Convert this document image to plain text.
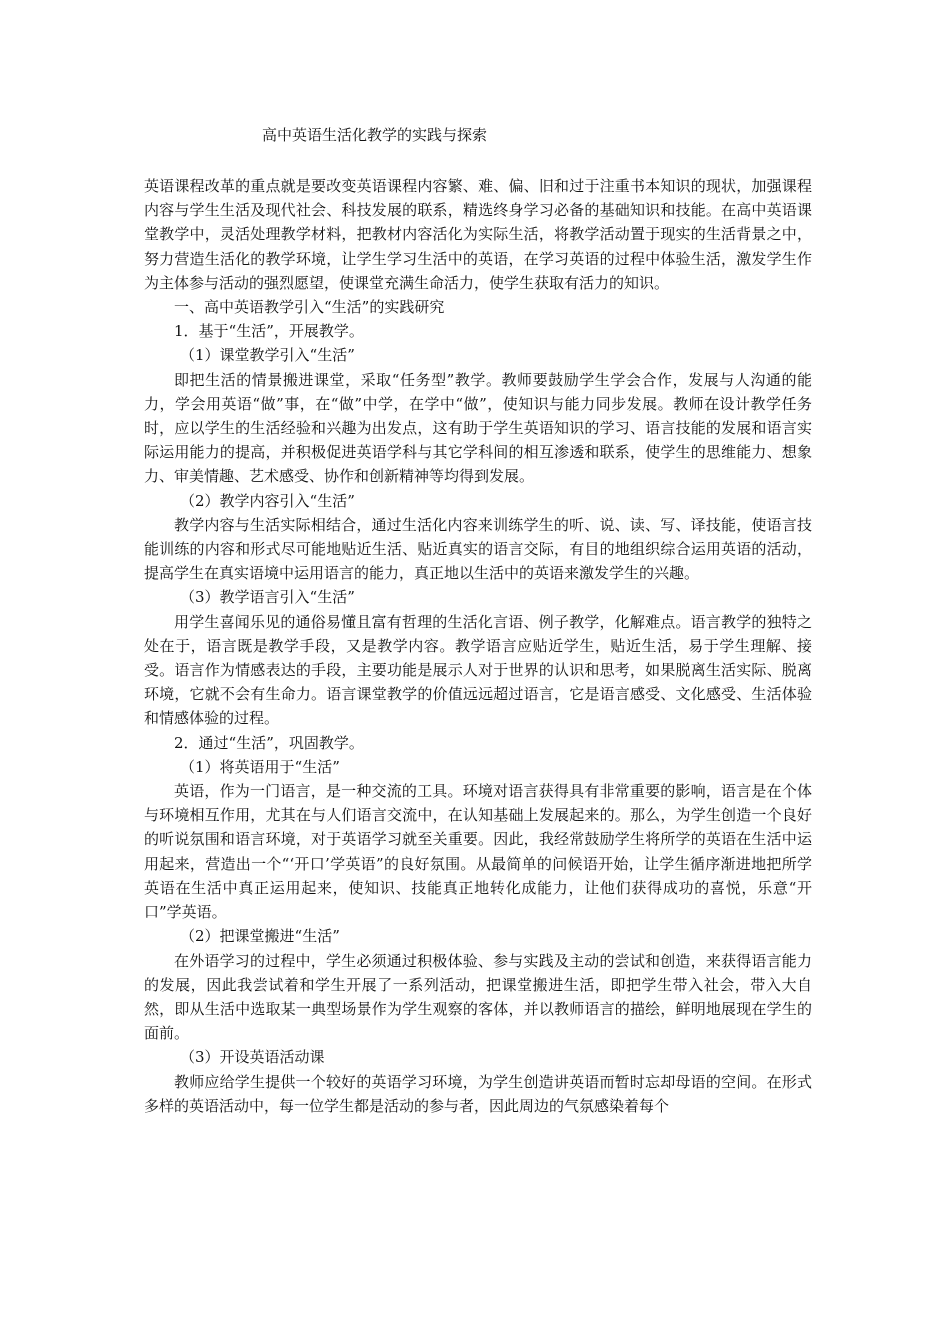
高中英语生活化教学的实践与探索

英语课程改革的重点就是要改变英语课程内容繁、难、偏、旧和过于注重书本知识的现状，加强课程内容与学生生活及现代社会、科技发展的联系，精选终身学习必备的基础知识和技能。在高中英语课堂教学中，灵活处理教学材料，把教材内容活化为实际生活，将教学活动置于现实的生活背景之中，努力营造生活化的教学环境，让学生学习生活中的英语，在学习英语的过程中体验生活，激发学生作为主体参与活动的强烈愿望，使课堂充满生命活力，使学生获取有活力的知识。

一、高中英语教学引入“生活”的实践研究

1．基于“生活”，开展教学。

（1）课堂教学引入“生活”

即把生活的情景搬进课堂，采取“任务型”教学。教师要鼓励学生学会合作，发展与人沟通的能力，学会用英语“做”事，在“做”中学，在学中“做”，使知识与能力同步发展。教师在设计教学任务时，应以学生的生活经验和兴趣为出发点，这有助于学生英语知识的学习、语言技能的发展和语言实际运用能力的提高，并积极促进英语学科与其它学科间的相互渗透和联系，使学生的思维能力、想象力、审美情趣、艺术感受、协作和创新精神等均得到发展。

（2）教学内容引入“生活”

教学内容与生活实际相结合，通过生活化内容来训练学生的听、说、读、写、译技能，使语言技能训练的内容和形式尽可能地贴近生活、贴近真实的语言交际，有目的地组织综合运用英语的活动，提高学生在真实语境中运用语言的能力，真正地以生活中的英语来激发学生的兴趣。

（3）教学语言引入“生活”

用学生喜闻乐见的通俗易懂且富有哲理的生活化言语、例子教学，化解难点。语言教学的独特之处在于，语言既是教学手段，又是教学内容。教学语言应贴近学生，贴近生活，易于学生理解、接受。语言作为情感表达的手段，主要功能是展示人对于世界的认识和思考，如果脱离生活实际、脱离环境，它就不会有生命力。语言课堂教学的价值远远超过语言，它是语言感受、文化感受、生活体验和情感体验的过程。

2．通过“生活”，巩固教学。

（1）将英语用于“生活”

英语，作为一门语言，是一种交流的工具。环境对语言获得具有非常重要的影响，语言是在个体与环境相互作用，尤其在与人们语言交流中，在认知基础上发展起来的。那么，为学生创造一个良好的听说氛围和语言环境，对于英语学习就至关重要。因此，我经常鼓励学生将所学的英语在生活中运用起来，营造出一个“‘开口’学英语”的良好氛围。从最简单的问候语开始，让学生循序渐进地把所学英语在生活中真正运用起来，使知识、技能真正地转化成能力，让他们获得成功的喜悦，乐意“开口”学英语。

（2）把课堂搬进“生活”

在外语学习的过程中，学生必须通过积极体验、参与实践及主动的尝试和创造，来获得语言能力的发展，因此我尝试着和学生开展了一系列活动，把课堂搬进生活，即把学生带入社会，带入大自然，即从生活中选取某一典型场景作为学生观察的客体，并以教师语言的描绘，鲜明地展现在学生的面前。

（3）开设英语活动课

教师应给学生提供一个较好的英语学习环境，为学生创造讲英语而暂时忘却母语的空间。在形式多样的英语活动中，每一位学生都是活动的参与者，因此周边的气氛感染着每个
